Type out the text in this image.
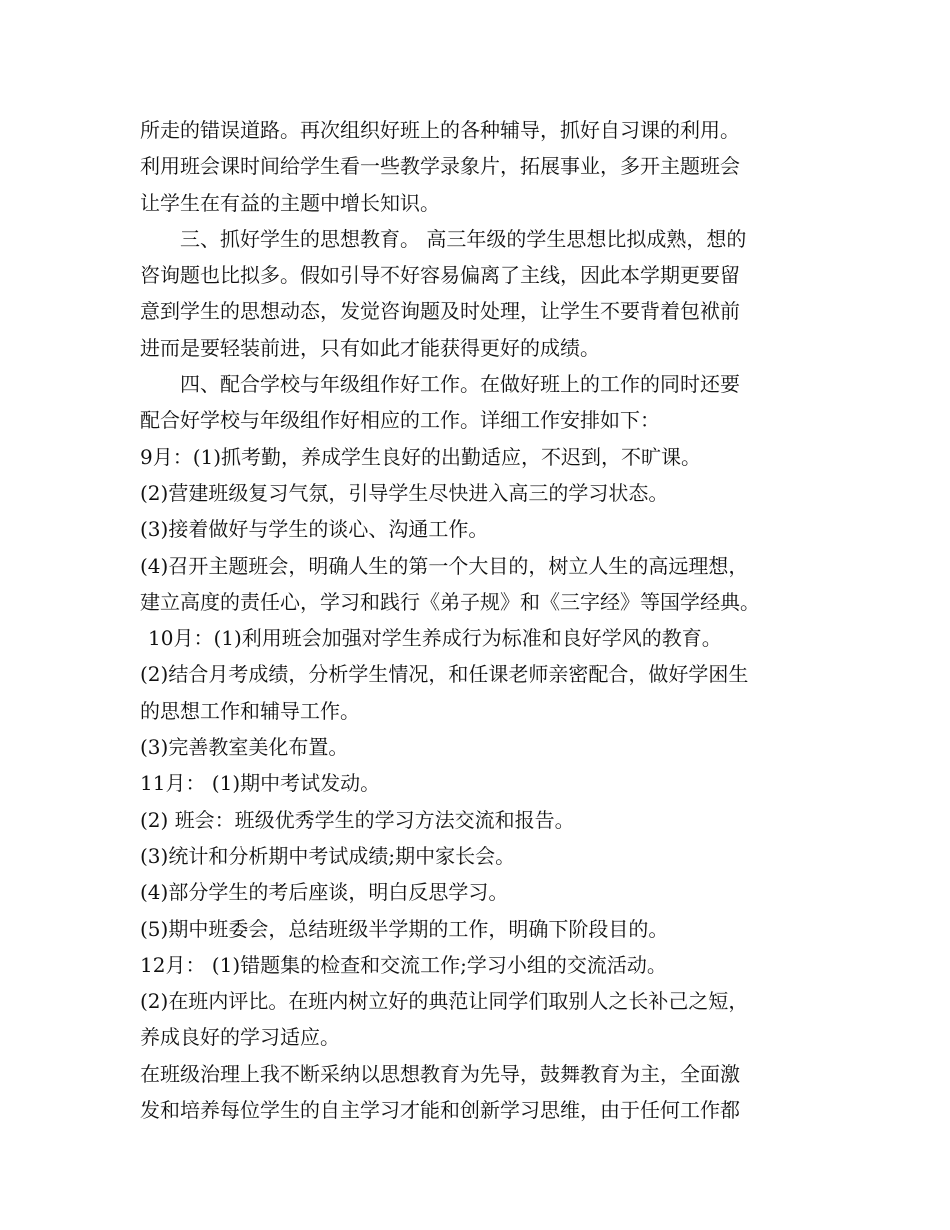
所走的错误道路。再次组织好班上的各种辅导，抓好自习课的利用。
利用班会课时间给学生看一些教学录象片，拓展事业，多开主题班会
让学生在有益的主题中增长知识。
三、抓好学生的思想教育。 高三年级的学生思想比拟成熟，想的
咨询题也比拟多。假如引导不好容易偏离了主线，因此本学期更要留
意到学生的思想动态，发觉咨询题及时处理，让学生不要背着包袱前
进而是要轻装前进，只有如此才能获得更好的成绩。
四、配合学校与年级组作好工作。在做好班上的工作的同时还要
配合好学校与年级组作好相应的工作。详细工作安排如下：
9月：(1)抓考勤，养成学生良好的出勤适应，不迟到，不旷课。
(2)营建班级复习气氛，引导学生尽快进入高三的学习状态。
(3)接着做好与学生的谈心、沟通工作。
(4)召开主题班会，明确人生的第一个大目的，树立人生的高远理想，
建立高度的责任心，学习和践行《弟子规》和《三字经》等国学经典。
10月：(1)利用班会加强对学生养成行为标准和良好学风的教育。
(2)结合月考成绩，分析学生情况，和任课老师亲密配合，做好学困生
的思想工作和辅导工作。
(3)完善教室美化布置。
11月： (1)期中考试发动。
(2) 班会：班级优秀学生的学习方法交流和报告。
(3)统计和分析期中考试成绩;期中家长会。
(4)部分学生的考后座谈，明白反思学习。
(5)期中班委会，总结班级半学期的工作，明确下阶段目的。
12月： (1)错题集的检查和交流工作;学习小组的交流活动。
(2)在班内评比。在班内树立好的典范让同学们取别人之长补己之短，
养成良好的学习适应。
在班级治理上我不断采纳以思想教育为先导，鼓舞教育为主，全面激
发和培养每位学生的自主学习才能和创新学习思维，由于任何工作都
